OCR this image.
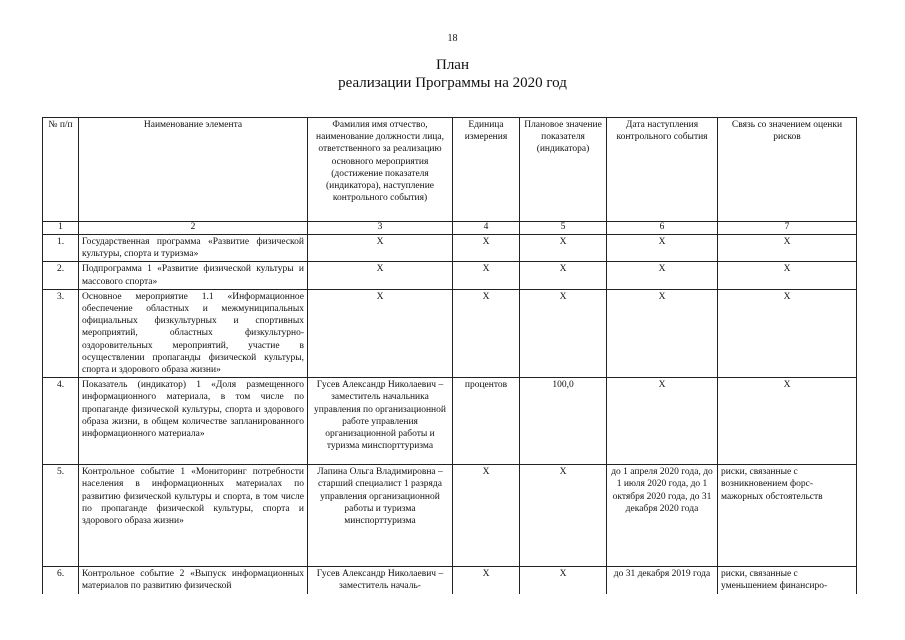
18
План
реализации Программы на 2020 год
№ п/п	Наименование элемента	Фамилия имя отчество, наименование должности лица, ответственного за реализацию основного мероприятия (достижение показателя (индикатора), наступление контрольного события)	Единица измерения	Плановое значение показателя (индикатора)	Дата наступления контрольного события	Связь со значением оценки рисков
1	2	3	4	5	6	7
1.	Государственная программа «Развитие физической культуры, спорта и туризма»	X	X	X	X	X
2.	Подпрограмма 1 «Развитие физической культуры и массового спорта»	X	X	X	X	X
3.	Основное мероприятие 1.1 «Информационное обеспечение областных и межмуниципальных официальных физкультурных и спортивных мероприятий, областных физкультурно-оздоровительных мероприятий, участие в осуществлении пропаганды физической культуры, спорта и здорового образа жизни»	X	X	X	X	X
4.	Показатель (индикатор) 1 «Доля размещенного информационного материала, в том числе по пропаганде физической культуры, спорта и здорового образа жизни, в общем количестве запланированного информационного материала»	Гусев Александр Николаевич – заместитель начальника управления по организационной работе управления организационной работы и туризма минспорттуризма	процентов	100,0	X	X
5.	Контрольное событие 1 «Мониторинг потребности населения в информационных материалах по развитию физической культуры и спорта, в том числе по пропаганде физической культуры, спорта и здорового образа жизни»	Лапина Ольга Владимировна – старший специалист 1 разряда управления организационной работы и туризма минспорттуризма	X	X	до 1 апреля 2020 года, до 1 июля 2020 года, до 1 октября 2020 года, до 31 декабря 2020 года	риски, связанные с возникновением форс-мажорных обстоятельств
6.	Контрольное событие 2 «Выпуск информационных материалов по развитию физической	Гусев Александр Николаевич – заместитель началь-	X	X	до 31 декабря 2019 года	риски, связанные с уменьшением финансиро-
